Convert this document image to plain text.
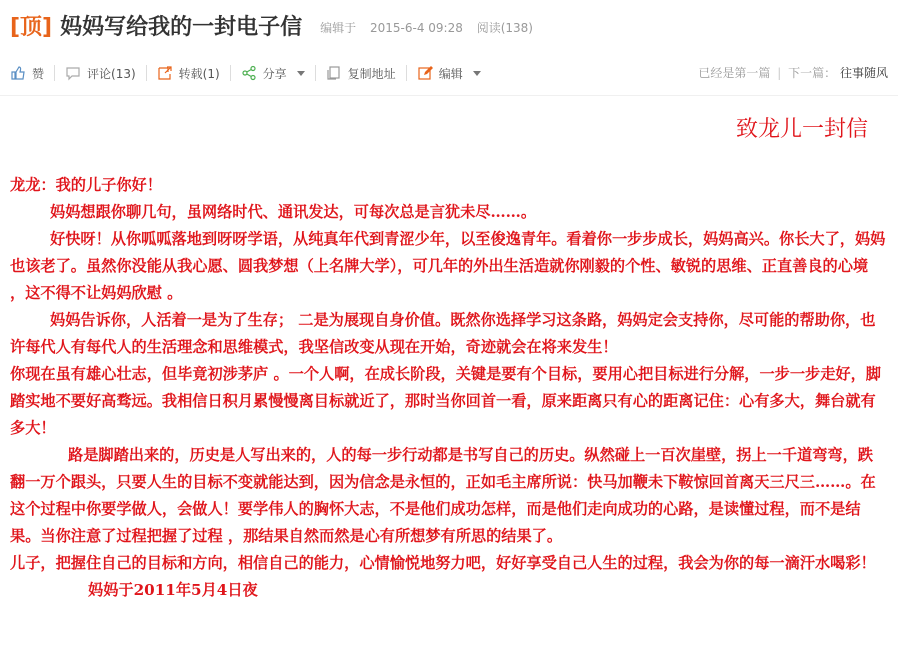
[顶] 妈妈写给我的一封电子信 编辑于 2015-6-4 09:28 阅读(138)
赞	评论(13)	转载(1)	分享	复制地址	编辑	已经是第一篇 | 下一篇： 往事随风
致龙儿一封信

龙龙：我的儿子你好！

妈妈想跟你聊几句，虽网络时代、通讯发达，可每次总是言犹未尽……。

好快呀！从你呱呱落地到呀呀学语，从纯真年代到青涩少年，以至俊逸青年。看着你一步步成长，妈妈高兴。你长大了，妈妈也该老了。虽然你没能从我心愿、圆我梦想（上名牌大学），可几年的外出生活造就你刚毅的个性、敏锐的思维、正直善良的心境 ，这不得不让妈妈欣慰 。

妈妈告诉你，人活着一是为了生存； 二是为展现自身价值。既然你选择学习这条路，妈妈定会支持你，尽可能的帮助你，也许每代人有每代人的生活理念和思维模式，我坚信改变从现在开始，奇迹就会在将来发生！

你现在虽有雄心壮志，但毕竟初涉茅庐 。一个人啊，在成长阶段，关键是要有个目标，要用心把目标进行分解，一步一步走好，脚踏实地不要好高骛远。我相信日积月累慢慢离目标就近了，那时当你回首一看，原来距离只有心的距离记住：心有多大，舞台就有多大！

路是脚踏出来的，历史是人写出来的，人的每一步行动都是书写自己的历史。纵然碰上一百次崖壁，拐上一千道弯弯，跌翻一万个跟头，只要人生的目标不变就能达到，因为信念是永恒的，正如毛主席所说：快马加鞭未下鞍惊回首离天三尺三……。在这个过程中你要学做人，会做人！要学伟人的胸怀大志，不是他们成功怎样，而是他们走向成功的心路，是读懂过程，而不是结果。当你注意了过程把握了过程 ，那结果自然而然是心有所想梦有所思的结果了。

儿子，把握住自己的目标和方向，相信自己的能力，心情愉悦地努力吧，好好享受自己人生的过程，我会为你的每一滴汗水喝彩！

妈妈于2011年5月4日夜
